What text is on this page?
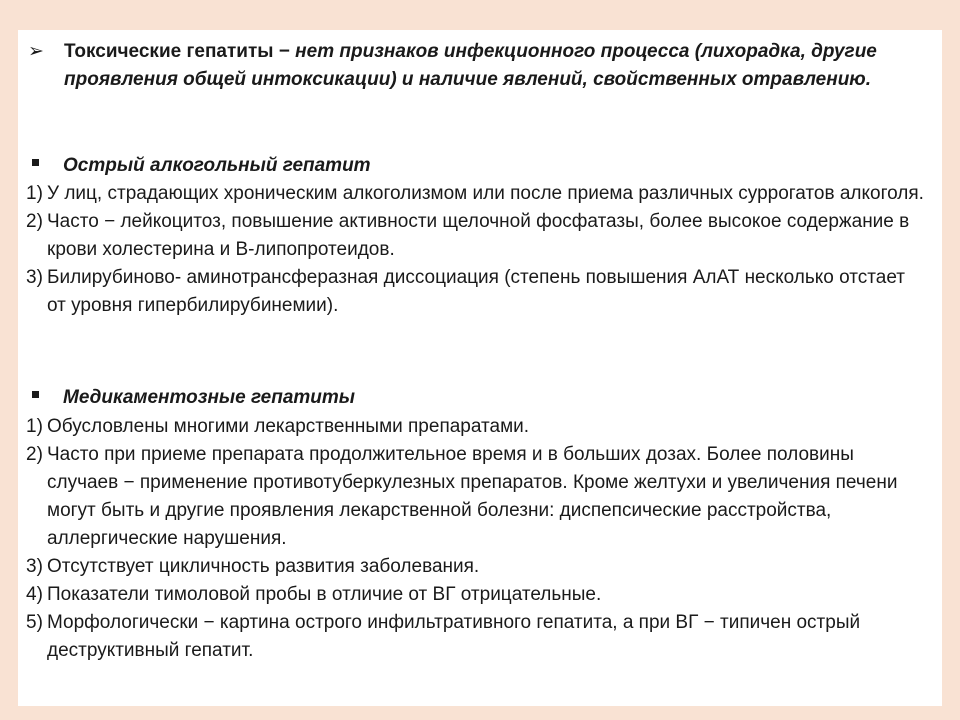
➢	Токсические гепатиты − нет признаков инфекционного процесса (лихорадка, другие проявления общей интоксикации) и наличие явлений, свойственных отравлению.
Острый алкогольный гепатит
1) У лиц, страдающих хроническим алкоголизмом или после приема различных суррогатов алкоголя.
2) Часто − лейкоцитоз, повышение активности щелочной фосфатазы, более высокое содержание в крови холестерина и B-липопротеидов.
3) Билирубиново- аминотрансферазная диссоциация (степень повышения АлАТ несколько отстает от уровня гипербилирубинемии).
Медикаментозные гепатиты
1) Обусловлены многими лекарственными препаратами.
2) Часто при приеме препарата продолжительное время и в больших дозах. Более половины случаев − применение противотуберкулезных препаратов. Кроме желтухи и увеличения печени могут быть и другие проявления лекарственной болезни: диспепсические расстройства, аллергические нарушения.
3) Отсутствует цикличность развития заболевания.
4) Показатели тимоловой пробы в отличие от ВГ отрицательные.
5) Морфологически − картина острого инфильтративного гепатита, а при ВГ − типичен острый деструктивный гепатит.
